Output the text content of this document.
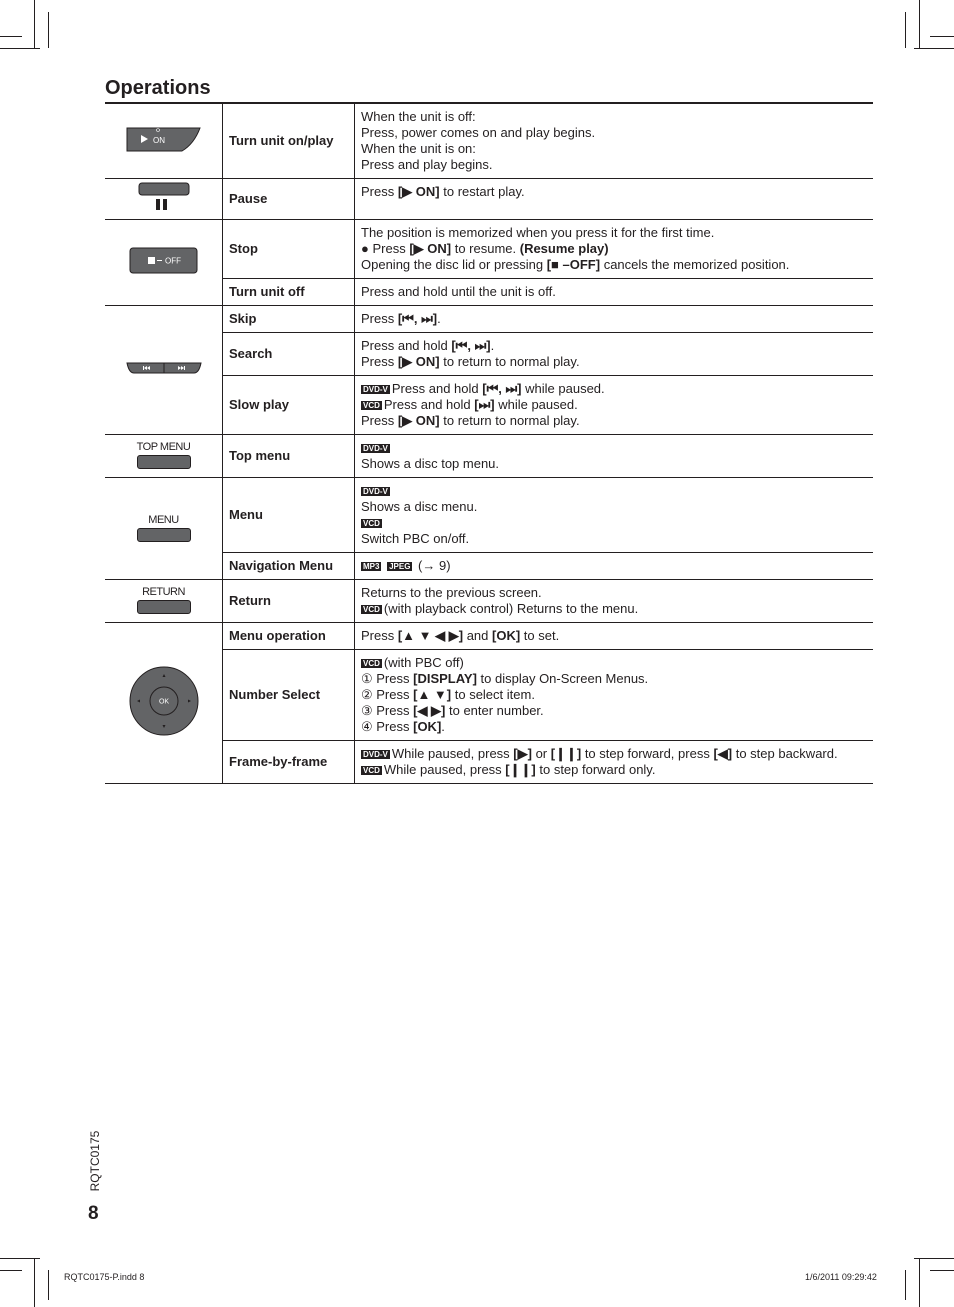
Operations
ON	Turn unit on/play	When the unit is off:
Press, power comes on and play begins.
When the unit is on:
Press and play begins.

	Pause	Press [▶ ON] to restart play.

OFF	Stop	The position is memorized when you press it for the first time.
● Press [▶ ON] to resume. (Resume play)
Opening the disc lid or pressing [■ –OFF] cancels the memorized position.

	Turn unit off	Press and hold until the unit is off.

	Skip	Press [⏮, ⏭].

	Search	Press and hold [⏮, ⏭].
Press [▶ ON] to return to normal play.

	Slow play	DVD-V Press and hold [⏮, ⏭] while paused.
VCD Press and hold [⏭] while paused.
Press [▶ ON] to return to normal play.

TOP MENU	Top menu	DVD-V
Shows a disc top menu.

MENU	Menu	DVD-V
Shows a disc menu.
VCD
Switch PBC on/off.

	Navigation Menu	MP3 JPEG (→ 9)

RETURN	Return	Returns to the previous screen.
VCD (with playback control) Returns to the menu.

OK	Menu operation	Press [▲ ▼ ◀ ▶] and [OK] to set.

	Number Select	VCD (with PBC off)
① Press [DISPLAY] to display On-Screen Menus.
② Press [▲ ▼] to select item.
③ Press [◀ ▶] to enter number.
④ Press [OK].

	Frame-by-frame	DVD-V While paused, press [▶] or [❙❙] to step forward, press [◀] to step backward.
VCD While paused, press [❙❙] to step forward only.
RQTC0175
8
RQTC0175-P.indd 8	1/6/2011 09:29:42
